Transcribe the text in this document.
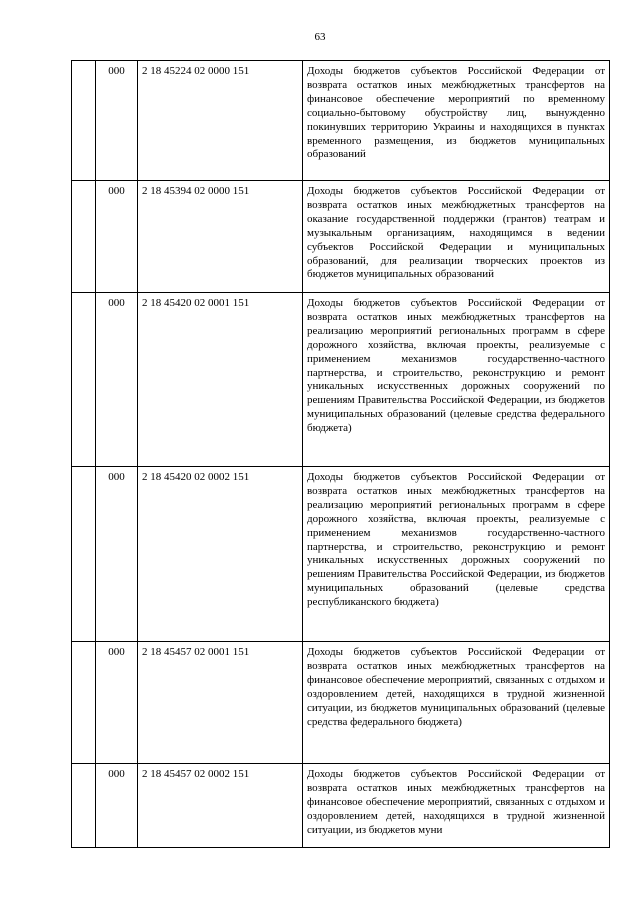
63
	000	2 18 45224 02 0000 151	Доходы бюджетов субъектов Российской Федерации от возврата остатков иных межбюджетных трансфертов на финансовое обеспечение мероприятий по временному социально-бытовому обустройству лиц, вынужденно покинувших территорию Украины и находящихся в пунктах временного размещения, из бюджетов муниципальных образований
	000	2 18 45394 02 0000 151	Доходы бюджетов субъектов Российской Федерации от возврата остатков иных межбюджетных трансфертов на оказание государственной поддержки (грантов) театрам и музыкальным организациям, находящимся в ведении субъектов Российской Федерации и муниципальных образований, для реализации творческих проектов из бюджетов муниципальных образований
	000	2 18 45420 02 0001 151	Доходы бюджетов субъектов Российской Федерации от возврата остатков иных межбюджетных трансфертов на реализацию мероприятий региональных программ в сфере дорожного хозяйства, включая проекты, реализуемые с применением механизмов государственно-частного партнерства, и строительство, реконструкцию и ремонт уникальных искусственных дорожных сооружений по решениям Правительства Российской Федерации, из бюджетов муниципальных образований (целевые средства федерального бюджета)
	000	2 18 45420 02 0002 151	Доходы бюджетов субъектов Российской Федерации от возврата остатков иных межбюджетных трансфертов на реализацию мероприятий региональных программ в сфере дорожного хозяйства, включая проекты, реализуемые с применением механизмов государственно-частного партнерства, и строительство, реконструкцию и ремонт уникальных искусственных дорожных сооружений по решениям Правительства Российской Федерации, из бюджетов муниципальных образований (целевые средства республиканского бюджета)
	000	2 18 45457 02 0001 151	Доходы бюджетов субъектов Российской Федерации от возврата остатков иных межбюджетных трансфертов на финансовое обеспечение мероприятий, связанных с отдыхом и оздоровлением детей, находящихся в трудной жизненной ситуации, из бюджетов муниципальных образований (целевые средства федерального бюджета)
	000	2 18 45457 02 0002 151	Доходы бюджетов субъектов Российской Федерации от возврата остатков иных межбюджетных трансфертов на финансовое обеспечение мероприятий, связанных с отдыхом и оздоровлением детей, находящихся в трудной жизненной ситуации, из бюджетов муни
